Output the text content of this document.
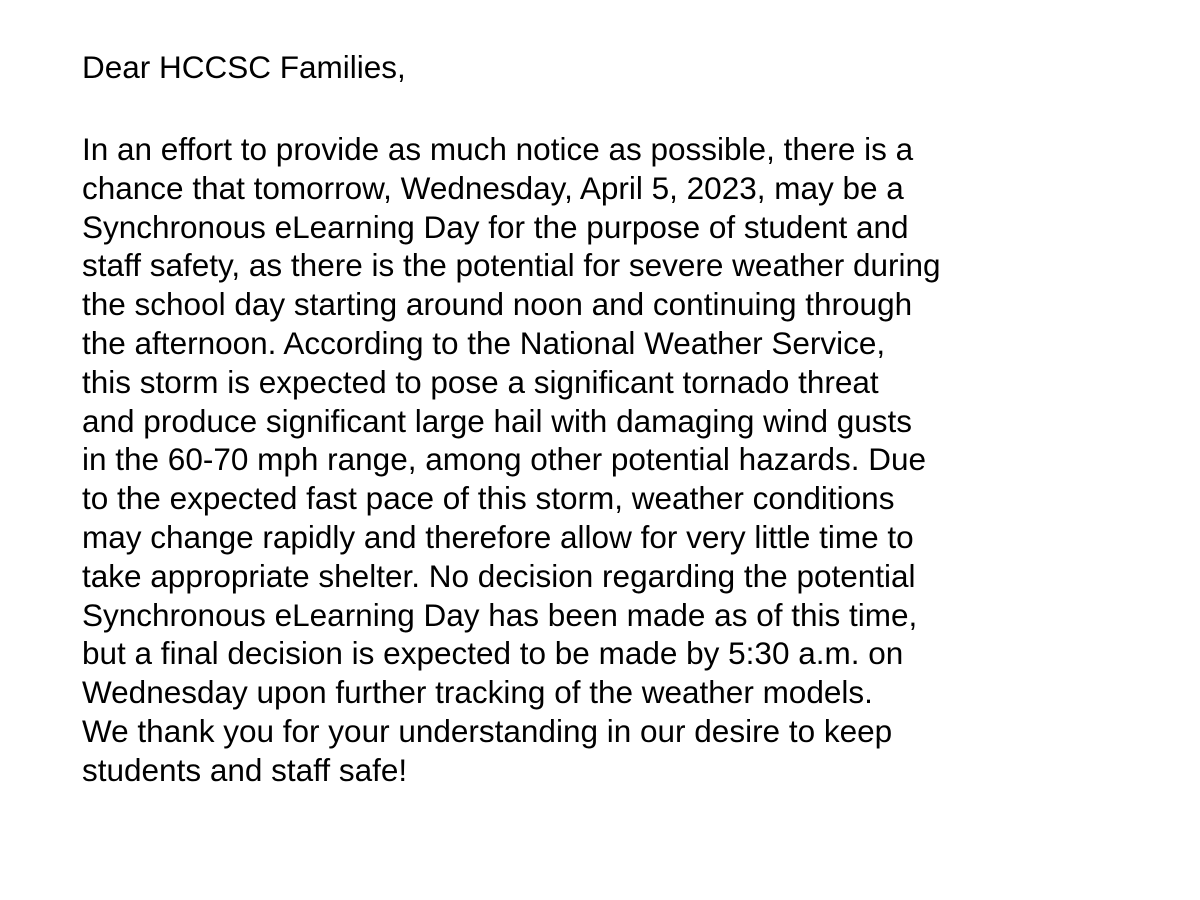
Dear HCCSC Families,
In an effort to provide as much notice as possible, there is a
chance that tomorrow, Wednesday, April 5, 2023, may be a
Synchronous eLearning Day for the purpose of student and
staff safety, as there is the potential for severe weather during
the school day starting around noon and continuing through
the afternoon. According to the National Weather Service,
this storm is expected to pose a significant tornado threat
and produce significant large hail with damaging wind gusts
in the 60-70 mph range, among other potential hazards. Due
to the expected fast pace of this storm, weather conditions
may change rapidly and therefore allow for very little time to
take appropriate shelter. No decision regarding the potential
Synchronous eLearning Day has been made as of this time,
but a final decision is expected to be made by 5:30 a.m. on
Wednesday upon further tracking of the weather models.
We thank you for your understanding in our desire to keep
students and staff safe!
